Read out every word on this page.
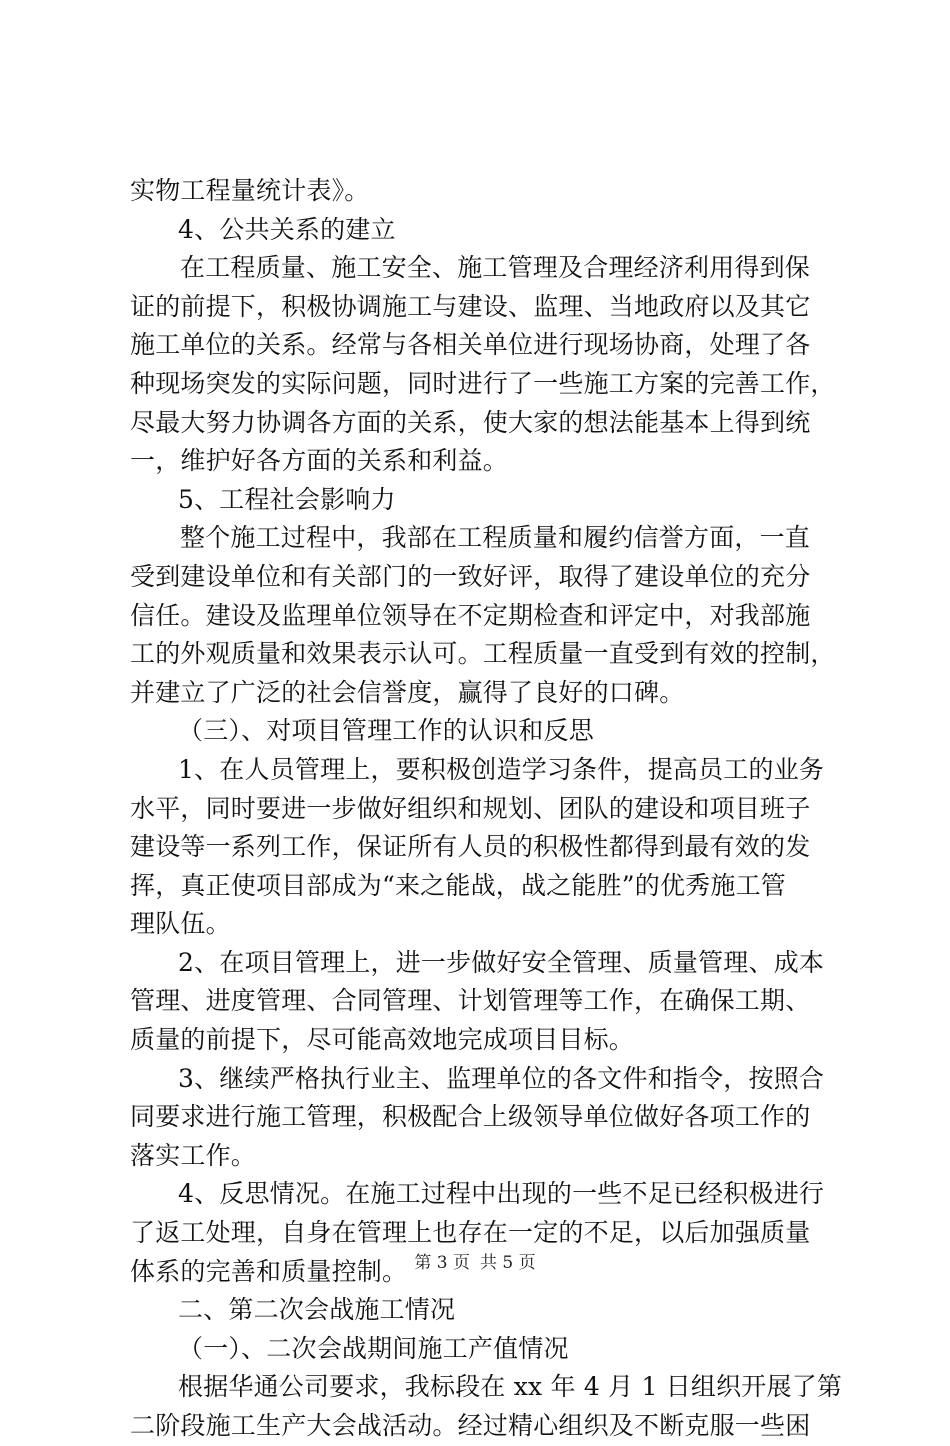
实物工程量统计表》。
4、公共关系的建立
在工程质量、施工安全、施工管理及合理经济利用得到保
证的前提下，积极协调施工与建设、监理、当地政府以及其它
施工单位的关系。经常与各相关单位进行现场协商，处理了各
种现场突发的实际问题，同时进行了一些施工方案的完善工作，
尽最大努力协调各方面的关系，使大家的想法能基本上得到统
一，维护好各方面的关系和利益。
5、工程社会影响力
整个施工过程中，我部在工程质量和履约信誉方面，一直
受到建设单位和有关部门的一致好评，取得了建设单位的充分
信任。建设及监理单位领导在不定期检查和评定中，对我部施
工的外观质量和效果表示认可。工程质量一直受到有效的控制，
并建立了广泛的社会信誉度，赢得了良好的口碑。
（三）、对项目管理工作的认识和反思
1、在人员管理上，要积极创造学习条件，提高员工的业务
水平，同时要进一步做好组织和规划、团队的建设和项目班子
建设等一系列工作，保证所有人员的积极性都得到最有效的发
挥，真正使项目部成为“来之能战，战之能胜”的优秀施工管
理队伍。
2、在项目管理上，进一步做好安全管理、质量管理、成本
管理、进度管理、合同管理、计划管理等工作，在确保工期、
质量的前提下，尽可能高效地完成项目目标。
3、继续严格执行业主、监理单位的各文件和指令，按照合
同要求进行施工管理，积极配合上级领导单位做好各项工作的
落实工作。
4、反思情况。在施工过程中出现的一些不足已经积极进行
了返工处理，自身在管理上也存在一定的不足，以后加强质量
体系的完善和质量控制。
二、第二次会战施工情况
（一）、二次会战期间施工产值情况
根据华通公司要求，我标段在 xx 年 4 月 1 日组织开展了第
二阶段施工生产大会战活动。经过精心组织及不断克服一些困
第 3 页 共 5 页
